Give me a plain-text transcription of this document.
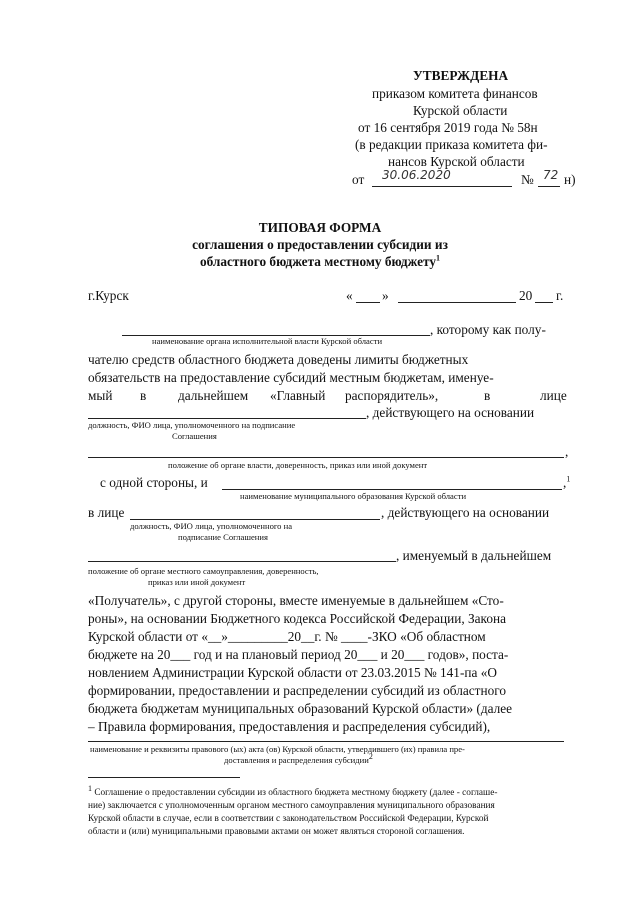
УТВЕРЖДЕНА
приказом комитета финансов
Курской области
от 16 сентября 2019 года № 58н
(в редакции приказа комитета фи-
нансов Курской области
от 30.06.2020	№ 72 н)
ТИПОВАЯ ФОРМА
соглашения о предоставлении субсидии из
областного бюджета местному бюджету$^1$
г.Курск	« »	20 г.
, которому как полу-
наименование органа исполнительной власти Курской области
чателю средств областного бюджета доведены лимиты бюджетных
обязательств на предоставление субсидий местным бюджетам, именуе-
мый в дальнейшем «Главный распорядитель»,	в	лице
, действующего на основании
должность, ФИО лица, уполномоченного на подписание
Соглашения
,
положение об органе власти, доверенность, приказ или иной документ
с одной стороны, и	,$^1$
наименование муниципального образования Курской области
в лице	, действующего на основании
должность, ФИО лица, уполномоченного на
подписание Соглашения
, именуемый в дальнейшем
положение об органе местного самоуправления, доверенность,
приказ или иной документ
«Получатель», с другой стороны, вместе именуемые в дальнейшем «Сто-
роны», на основании Бюджетного кодекса Российской Федерации, Закона
Курской области от «__»_________20__г. № ____-ЗКО «Об областном
бюджете на 20___ год и на плановый период 20___ и 20___ годов», поста-
новлением Администрации Курской области от 23.03.2015 № 141-па «О
формировании, предоставлении и распределении субсидий из областного
бюджета бюджетам муниципальных образований Курской области» (далее
– Правила формирования, предоставления и распределения субсидий),
наименование и реквизиты правового (ых) акта (ов) Курской области, утвердившего (их) правила пре-
доставления и распределения субсидии$^2$
$^1$ Соглашение о предоставлении субсидии из областного бюджета местному бюджету (далее - соглаше-
ние) заключается с уполномоченным органом местного самоуправления муниципального образования
Курской области в случае, если в соответствии с законодательством Российской Федерации, Курской
области и (или) муниципальными правовыми актами он может являться стороной соглашения.
